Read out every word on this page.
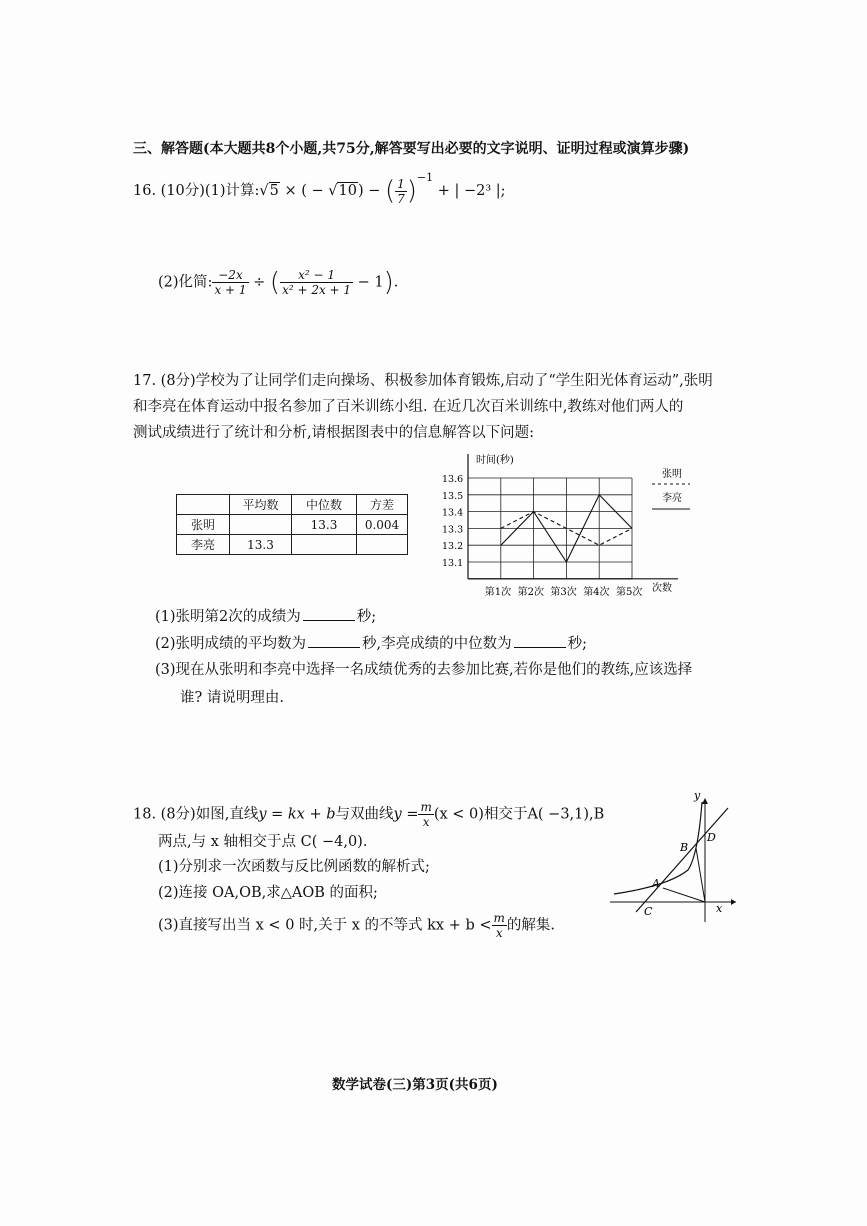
三、解答题(本大题共8个小题,共75分,解答要写出必要的文字说明、证明过程或演算步骤)
16. (10分)(1)计算:√5 × ( − √10) − ( $\frac{1}{7} )^{-1}$ + | −2³ |;
(2)化简: $\frac{-2x}{x + 1}$ ÷ ( $\frac{\text{x² − 1}}{\text{x² + 2x + 1}} - 1$).
17. (8分)学校为了让同学们走向操场、积极参加体育锻炼,启动了“学生阳光体育运动”,张明
和李亮在体育运动中报名参加了百米训练小组. 在近几次百米训练中,教练对他们两人的
测试成绩进行了统计和分析,请根据图表中的信息解答以下问题:
	平均数	中位数	方差
张明		13.3	0.004
李亮	13.3		
13.6
13.5
13.4
13.3
13.2
13.1
第1次 第2次 第3次 第4次 第5次
时间(秒)
次数
张明
李亮
(1)张明第2次的成绩为	秒;
(2)张明成绩的平均数为	秒,李亮成绩的中位数为	秒;
(3)现在从张明和李亮中选择一名成绩优秀的去参加比赛,若你是他们的教练,应该选择
谁? 请说明理由.
18. (8分)如图,直线y = kx + b与双曲线$y = \frac{m}{x} (x < 0)$相交于A( −3,1),B
两点,与 x 轴相交于点 C( −4,0).
(1)分别求一次函数与反比例函数的解析式;
(2)连接 OA,OB,求△AOB 的面积;
(3)直接写出当 x < 0 时,关于 x 的不等式 kx + $b < \frac{m}{x}$ 的解集.
y
x
A
B
C
D
数学试卷(三)第3页(共6页)
